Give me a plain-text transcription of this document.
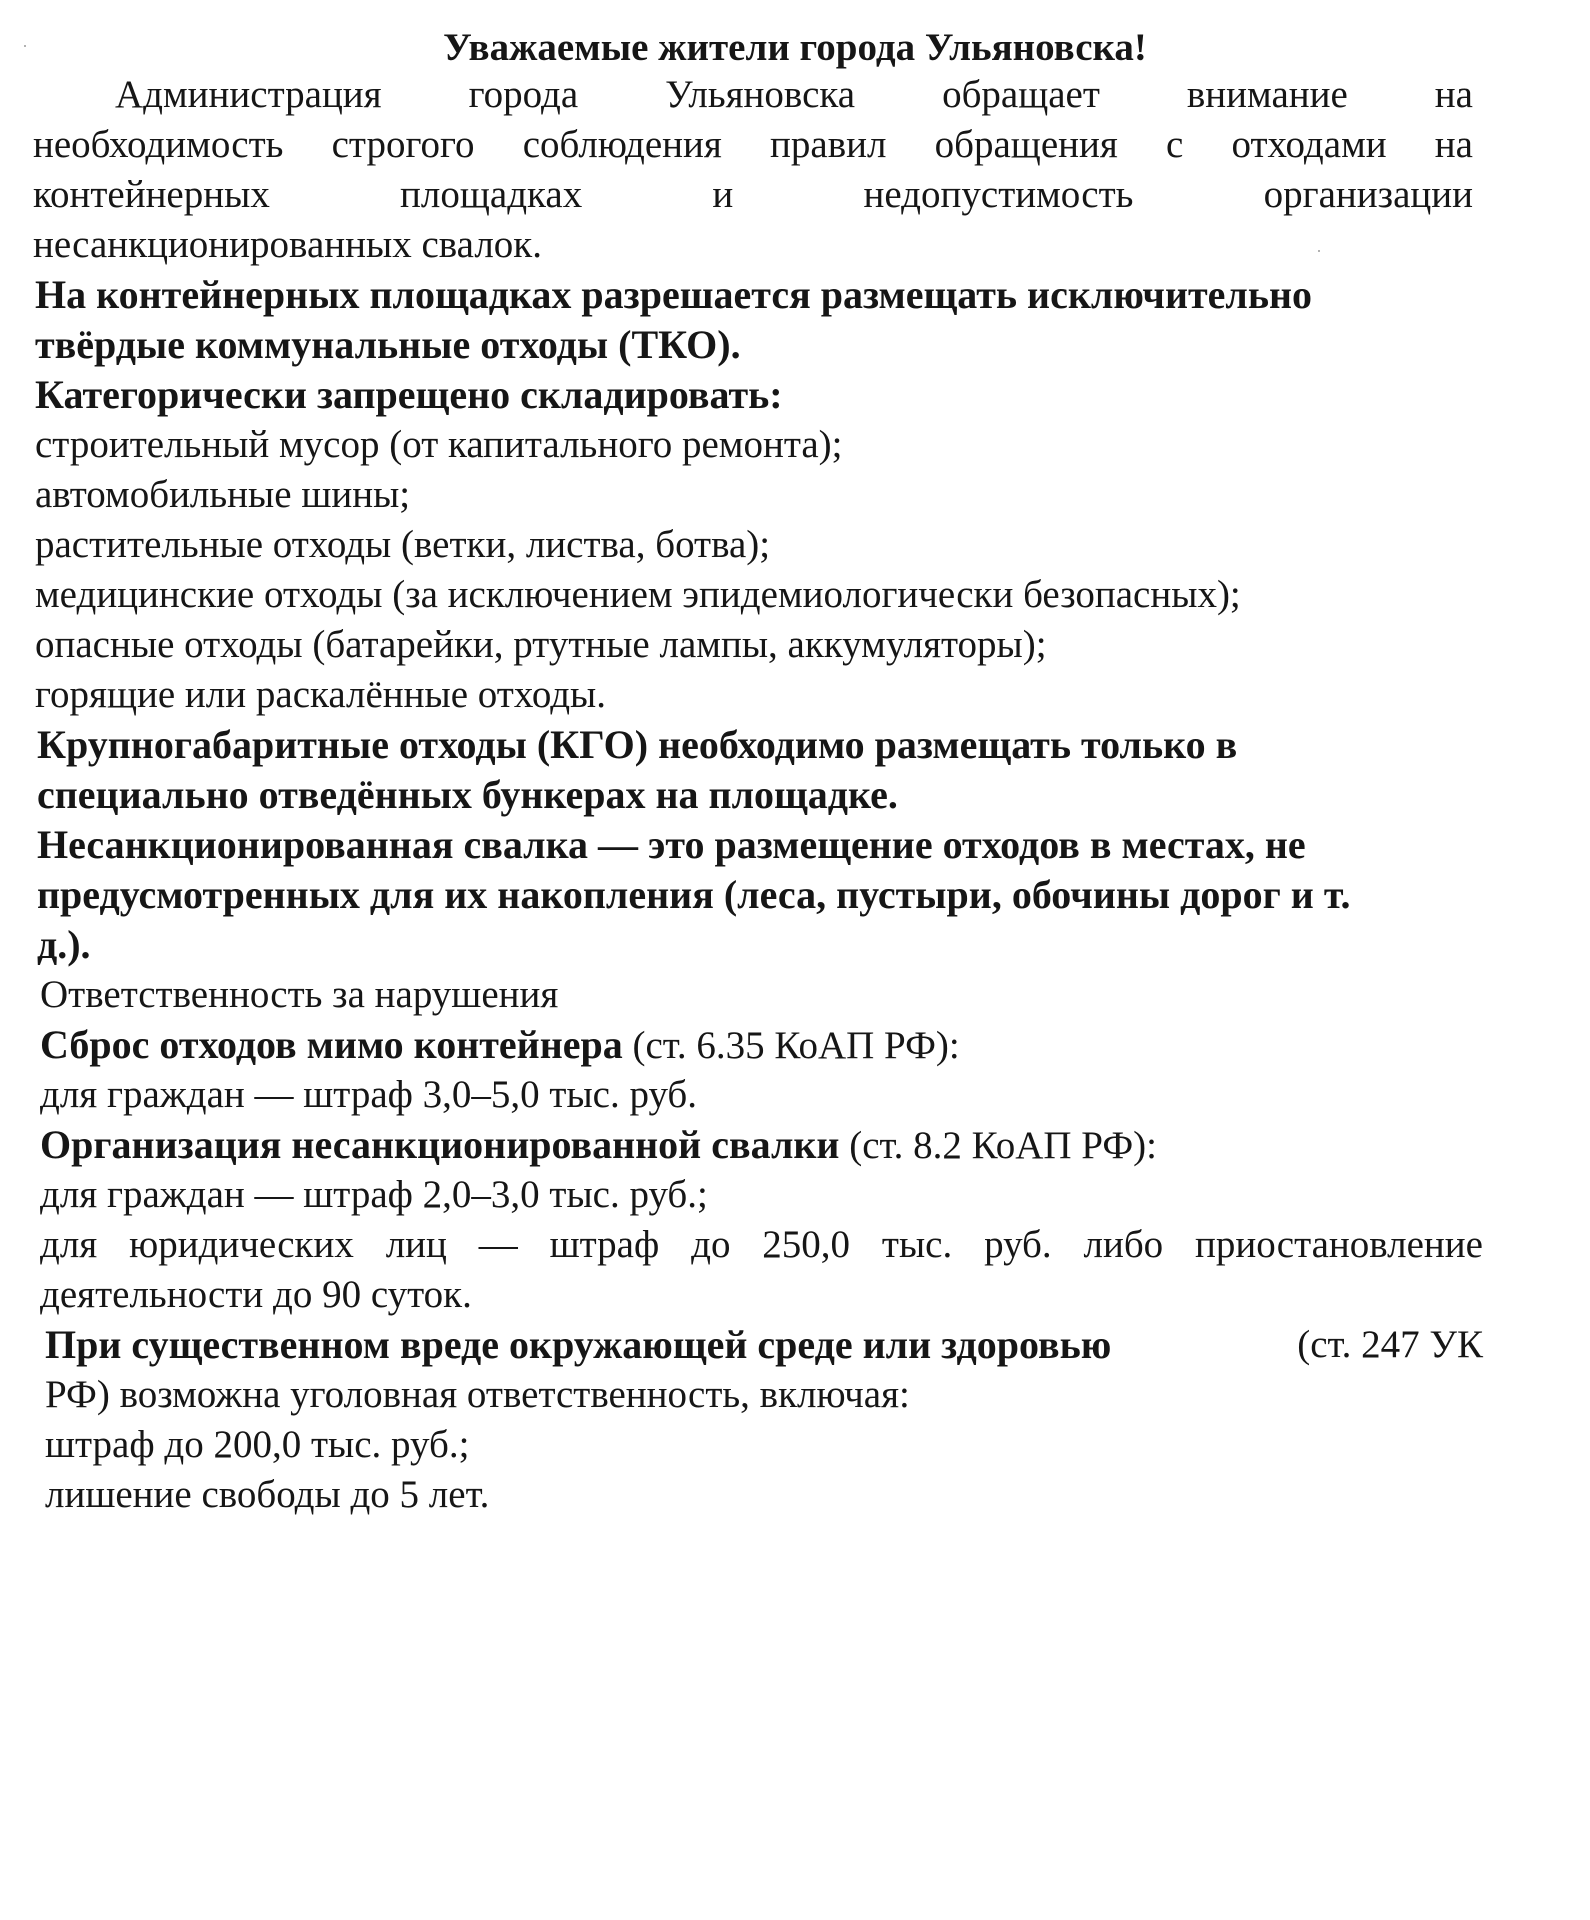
Уважаемые жители города Ульяновска!
Администрация города Ульяновска обращает внимание на
необходимость строгого соблюдения правил обращения с отходами на
контейнерных площадках и недопустимость организации
несанкционированных свалок.
На контейнерных площадках разрешается размещать исключительно
твёрдые коммунальные отходы (ТКО).
Категорически запрещено складировать:
строительный мусор (от капитального ремонта);
автомобильные шины;
растительные отходы (ветки, листва, ботва);
медицинские отходы (за исключением эпидемиологически безопасных);
опасные отходы (батарейки, ртутные лампы, аккумуляторы);
горящие или раскалённые отходы.
Крупногабаритные отходы (КГО) необходимо размещать только в
специально отведённых бункерах на площадке.
Несанкционированная свалка — это размещение отходов в местах, не
предусмотренных для их накопления (леса, пустыри, обочины дорог и т.
д.).
Ответственность за нарушения
Сброс отходов мимо контейнера (ст. 6.35 КоАП РФ):
для граждан — штраф 3,0–5,0 тыс. руб.
Организация несанкционированной свалки (ст. 8.2 КоАП РФ):
для граждан — штраф 2,0–3,0 тыс. руб.;
для юридических лиц — штраф до 250,0 тыс. руб. либо приостановление
деятельности до 90 суток.
При существенном вреде окружающей среде или здоровью	(ст. 247 УК
РФ) возможна уголовная ответственность, включая:
штраф до 200,0 тыс. руб.;
лишение свободы до 5 лет.
